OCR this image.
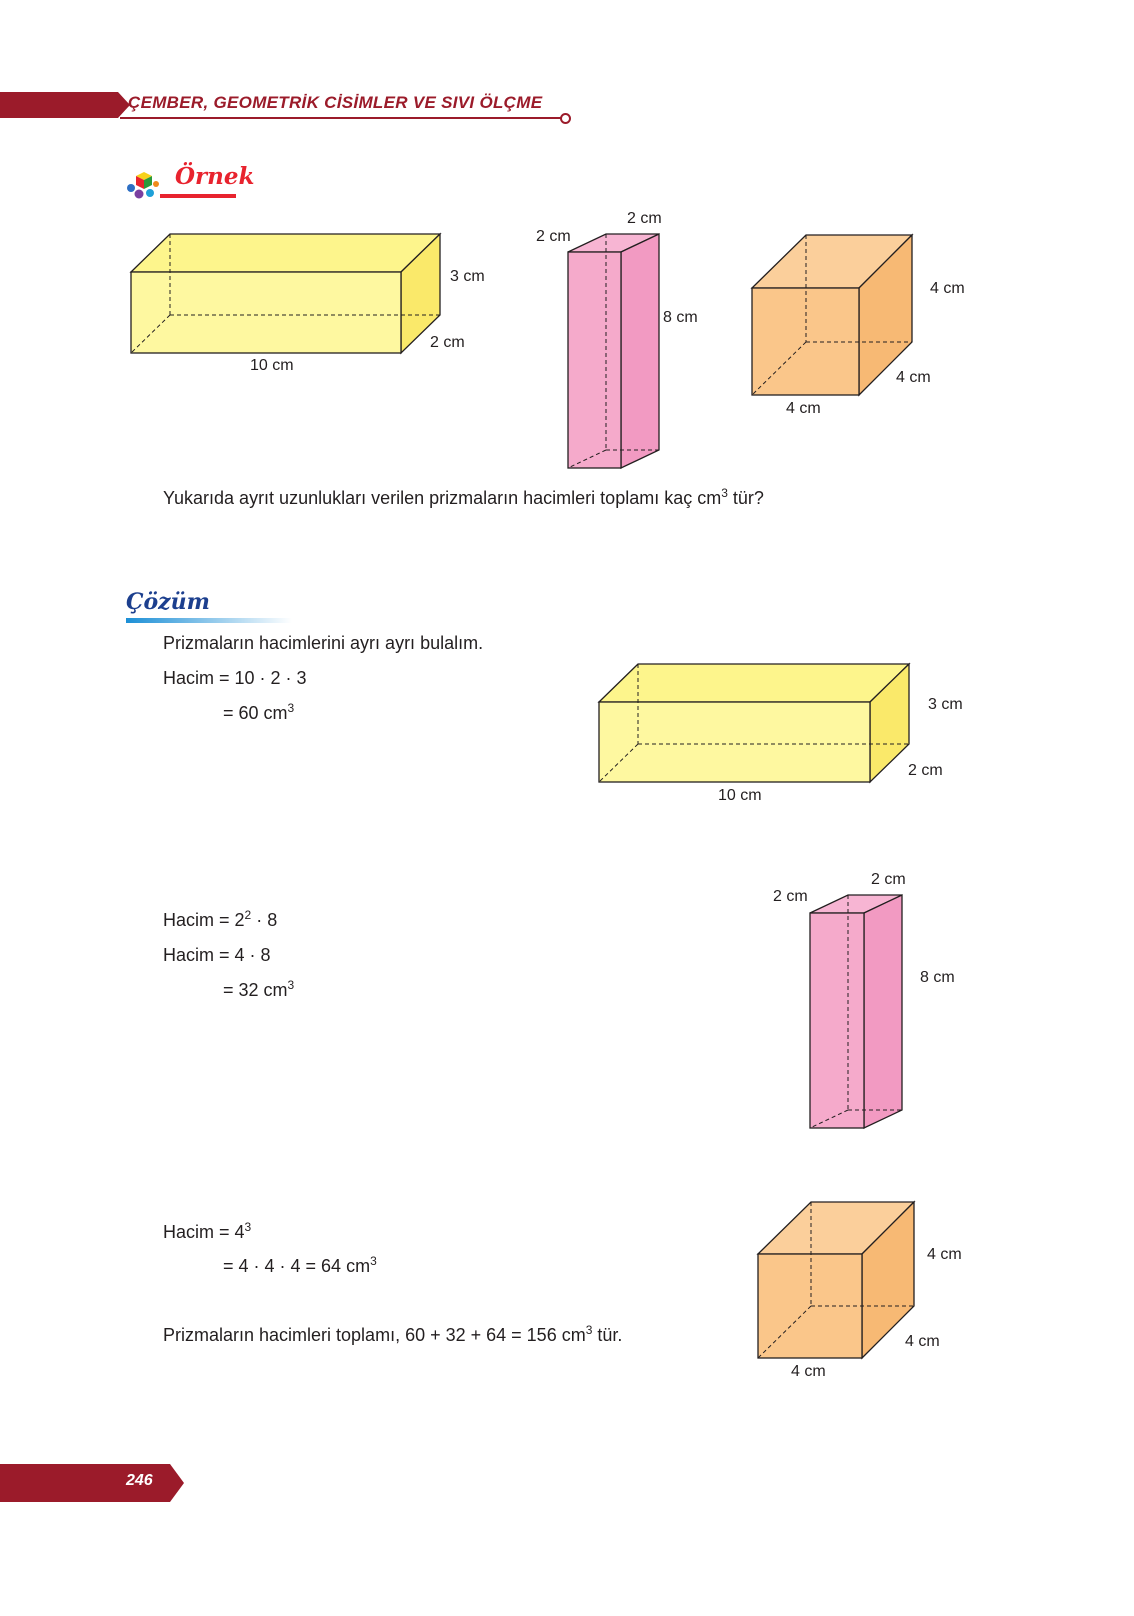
ÇEMBER, GEOMETRİK CİSİMLER VE SIVI ÖLÇME
Örnek
3 cm
2 cm
10 cm
2 cm
2 cm
8 cm
4 cm
4 cm
4 cm
Yukarıda ayrıt uzunlukları verilen prizmaların hacimleri toplamı kaç $cm^3$ tür?
Çözüm
Prizmaların hacimlerini ayrı ayrı bulalım.
Hacim = 10 · 2 · 3
= 60 $cm^3$	3 cm
2 cm
10 cm
Hacim = $2^2 \cdot 8$
Hacim = 4 · 8
= 32 $cm^3$
2 cm
2 cm
8 cm
Hacim = $4^3$
= 4 · 4 · 4 = 64 $cm^3$	4 cm
4 cm
4 cm
Prizmaların hacimleri toplamı, 60 + 32 + 64 = 156 $cm^3$ tür.
246
